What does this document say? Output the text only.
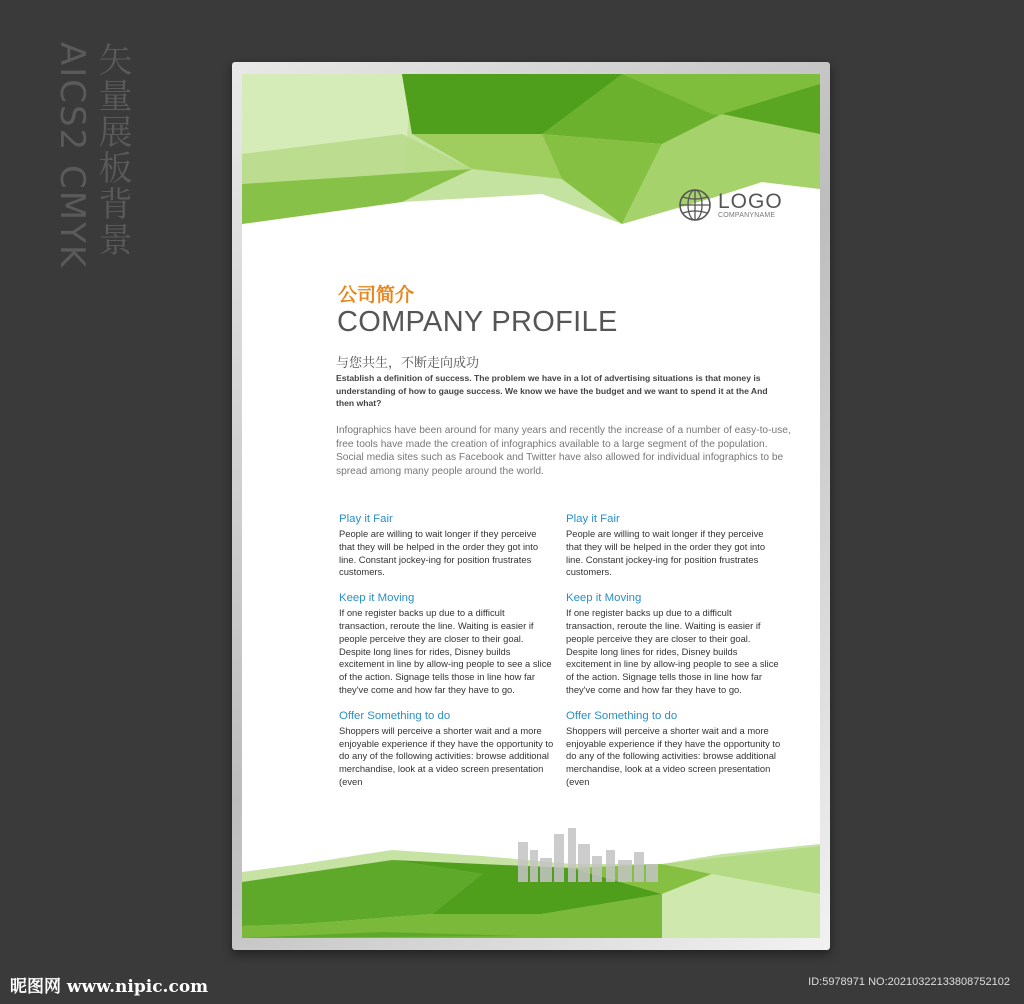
矢量展板背景
AICS2 CMYK	LOGO
COMPANYNAME
公司简介
COMPANY PROFILE
与您共生，不断走向成功
Establish a definition of success. The problem we have in a lot of advertising situations is that money is understanding of how to gauge success. We know we have the budget and we want to spend it at the And then what?
Infographics have been around for many years and recently the increase of a number of easy-to-use, free tools have made the creation of infographics available to a large segment of the population. Social media sites such as Facebook and Twitter have also allowed for individual infographics to be spread among many people around the world.
Play it Fair
People are willing to wait longer if they perceive that they will be helped in the order they got into line. Constant jockey-ing for position frustrates customers.
Keep it Moving
If one register backs up due to a difficult transaction, reroute the line. Waiting is easier if people perceive they are closer to their goal. Despite long lines for rides, Disney builds excitement in line by allow-ing people to see a slice of the action. Signage tells those in line how far they've come and how far they have to go.
Offer Something to do
Shoppers will perceive a shorter wait and a more enjoyable experience if they have the opportunity to do any of the following activities: browse additional merchandise, look at a video screen presentation (even
Play it Fair
People are willing to wait longer if they perceive that they will be helped in the order they got into line. Constant jockey-ing for position frustrates customers.
Keep it Moving
If one register backs up due to a difficult transaction, reroute the line. Waiting is easier if people perceive they are closer to their goal. Despite long lines for rides, Disney builds excitement in line by allow-ing people to see a slice of the action. Signage tells those in line how far they've come and how far they have to go.
Offer Something to do
Shoppers will perceive a shorter wait and a more enjoyable experience if they have the opportunity to do any of the following activities: browse additional merchandise, look at a video screen presentation (even
昵图网 www.nipic.com	ID:5978971 NO:20210322133808752102
